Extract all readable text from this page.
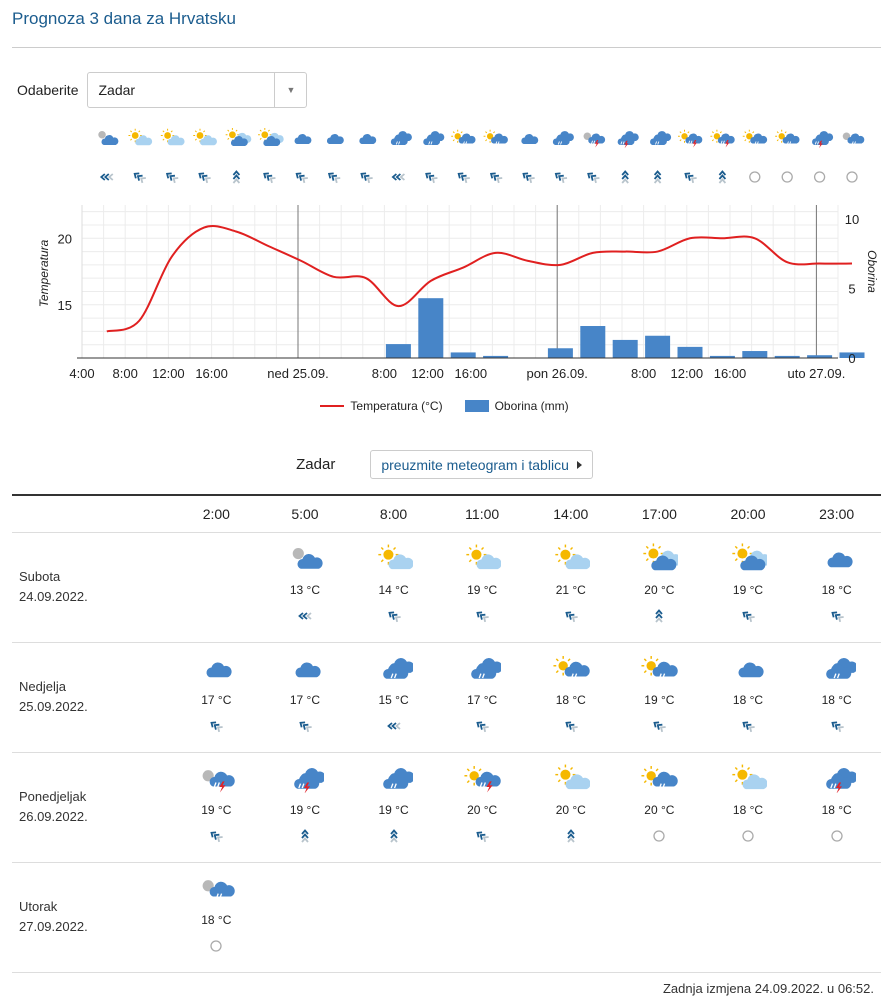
Prognoza 3 dana za Hrvatsku
Odaberite Zadar	▼
15
20
0
5
10
Temperatura	Oborina
4:00 8:00 12:00 16:00	ned 25.09.	8:00 12:00 16:00	pon 26.09.	8:00 12:00 16:00	uto 27.09.
Temperatura (°C)	Oborina (mm)
Zadar	preuzmite meteogram i tablicu
	2:00	5:00	8:00	11:00	14:00	17:00	20:00	23:00
Subota
24.09.2022.		13 °C	14 °C	19 °C	21 °C	20 °C	19 °C	18 °C

Nedjelja
25.09.2022.	17 °C	17 °C	15 °C	17 °C	18 °C	19 °C	18 °C	18 °C

Ponedjeljak
26.09.2022.	19 °C	19 °C	19 °C	20 °C	20 °C	20 °C	18 °C	18 °C

Utorak
27.09.2022.	18 °C							

Zadnja izmjena 24.09.2022. u 06:52.
